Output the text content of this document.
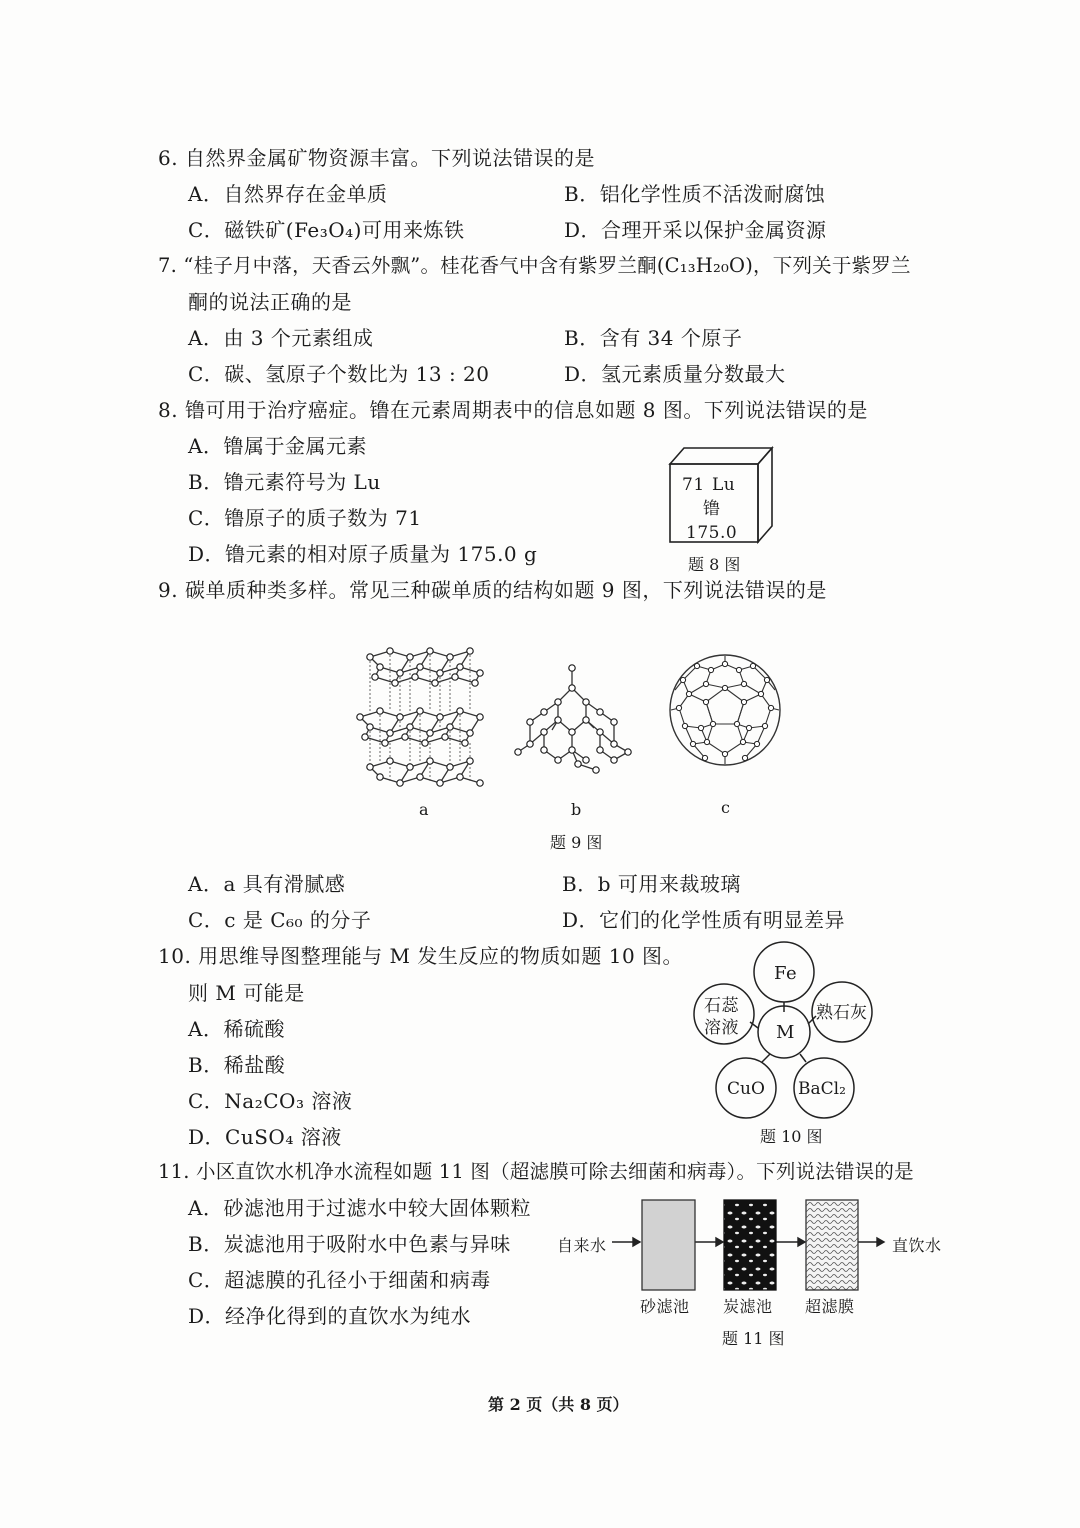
6. 自然界金属矿物资源丰富。下列说法错误的是
A．自然界存在金单质	B．铝化学性质不活泼耐腐蚀
C．磁铁矿(Fe₃O₄)可用来炼铁	D．合理开采以保护金属资源
7. “桂子月中落，天香云外飘”。桂花香气中含有紫罗兰酮(C₁₃H₂₀O)，下列关于紫罗兰
酮的说法正确的是
A．由 3 个元素组成	B．含有 34 个原子
C．碳、氢原子个数比为 13 : 20	D．氢元素质量分数最大
8. 镥可用于治疗癌症。镥在元素周期表中的信息如题 8 图。下列说法错误的是
A．镥属于金属元素
B．镥元素符号为 Lu
C．镥原子的质子数为 71
D．镥元素的相对原子质量为 175.0 g
71 Lu
镥
175.0
题 8 图
9. 碳单质种类多样。常见三种碳单质的结构如题 9 图，下列说法错误的是
a	b	c
题 9 图
A．a 具有滑腻感	B．b 可用来裁玻璃
C．c 是 C₆₀ 的分子	D．它们的化学性质有明显差异
10. 用思维导图整理能与 M 发生反应的物质如题 10 图。
则 M 可能是
A．稀硫酸
B．稀盐酸
C．Na₂CO₃ 溶液
D．CuSO₄ 溶液
Fe
石蕊
溶液
熟石灰
M
CuO BaCl₂
题 10 图
11. 小区直饮水机净水流程如题 11 图（超滤膜可除去细菌和病毒）。下列说法错误的是
A．砂滤池用于过滤水中较大固体颗粒
B．炭滤池用于吸附水中色素与异味
C．超滤膜的孔径小于细菌和病毒
D．经净化得到的直饮水为纯水
自来水	直饮水
砂滤池 炭滤池 超滤膜
题 11 图
第 2 页（共 8 页）
